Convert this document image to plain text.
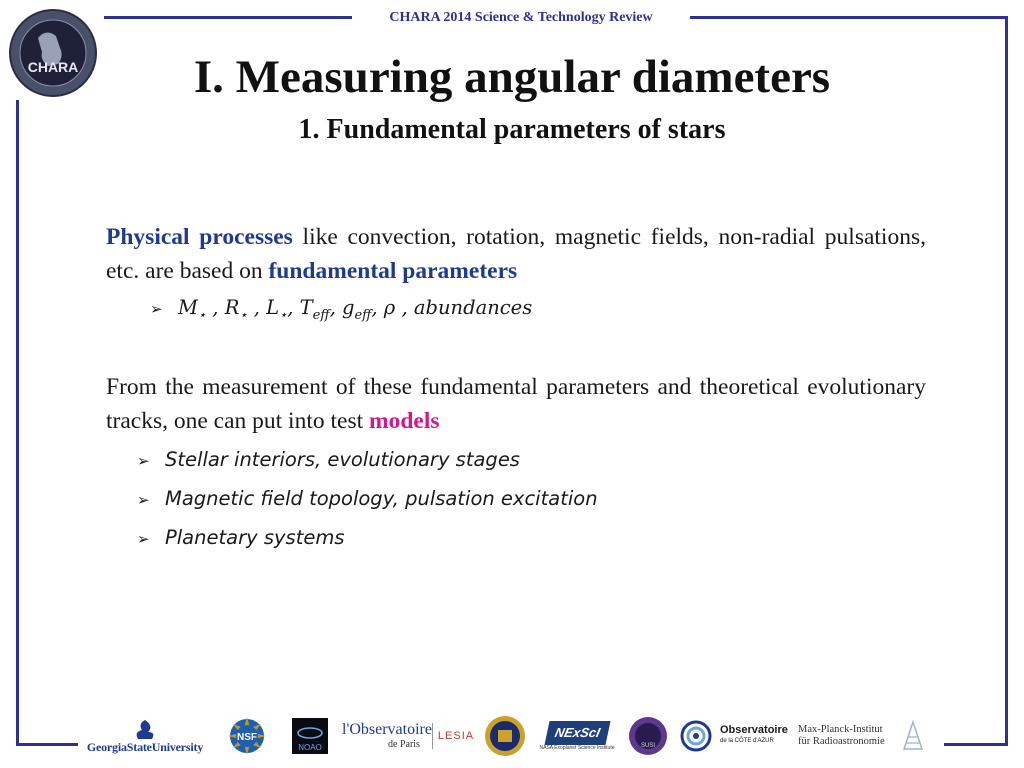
CHARA 2014 Science & Technology Review
CHARA	I. Measuring angular diameters
1. Fundamental parameters of stars
Physical processes like convection, rotation, magnetic fields, non-radial pulsations, etc. are based on fundamental parameters
➢ $M_⋆$ , $R_⋆$ , $L_⋆$, $T_{eff}$, $g_{eff}$, ρ , abundances
From the measurement of these fundamental parameters and theoretical evolutionary tracks, one can put into test models
➢ Stellar interiors, evolutionary stages
➢ Magnetic field topology, pulsation excitation
➢ Planetary systems
GeorgiaStateUniversity
NSF
NOAO
l'Observatoire
de Paris
LESIA	NExScI
NASA Exoplanet Science Institute	SUSI
Observatoire
de la CÔTE d'AZUR
Max-Planck-Institut
für Radioastronomie
